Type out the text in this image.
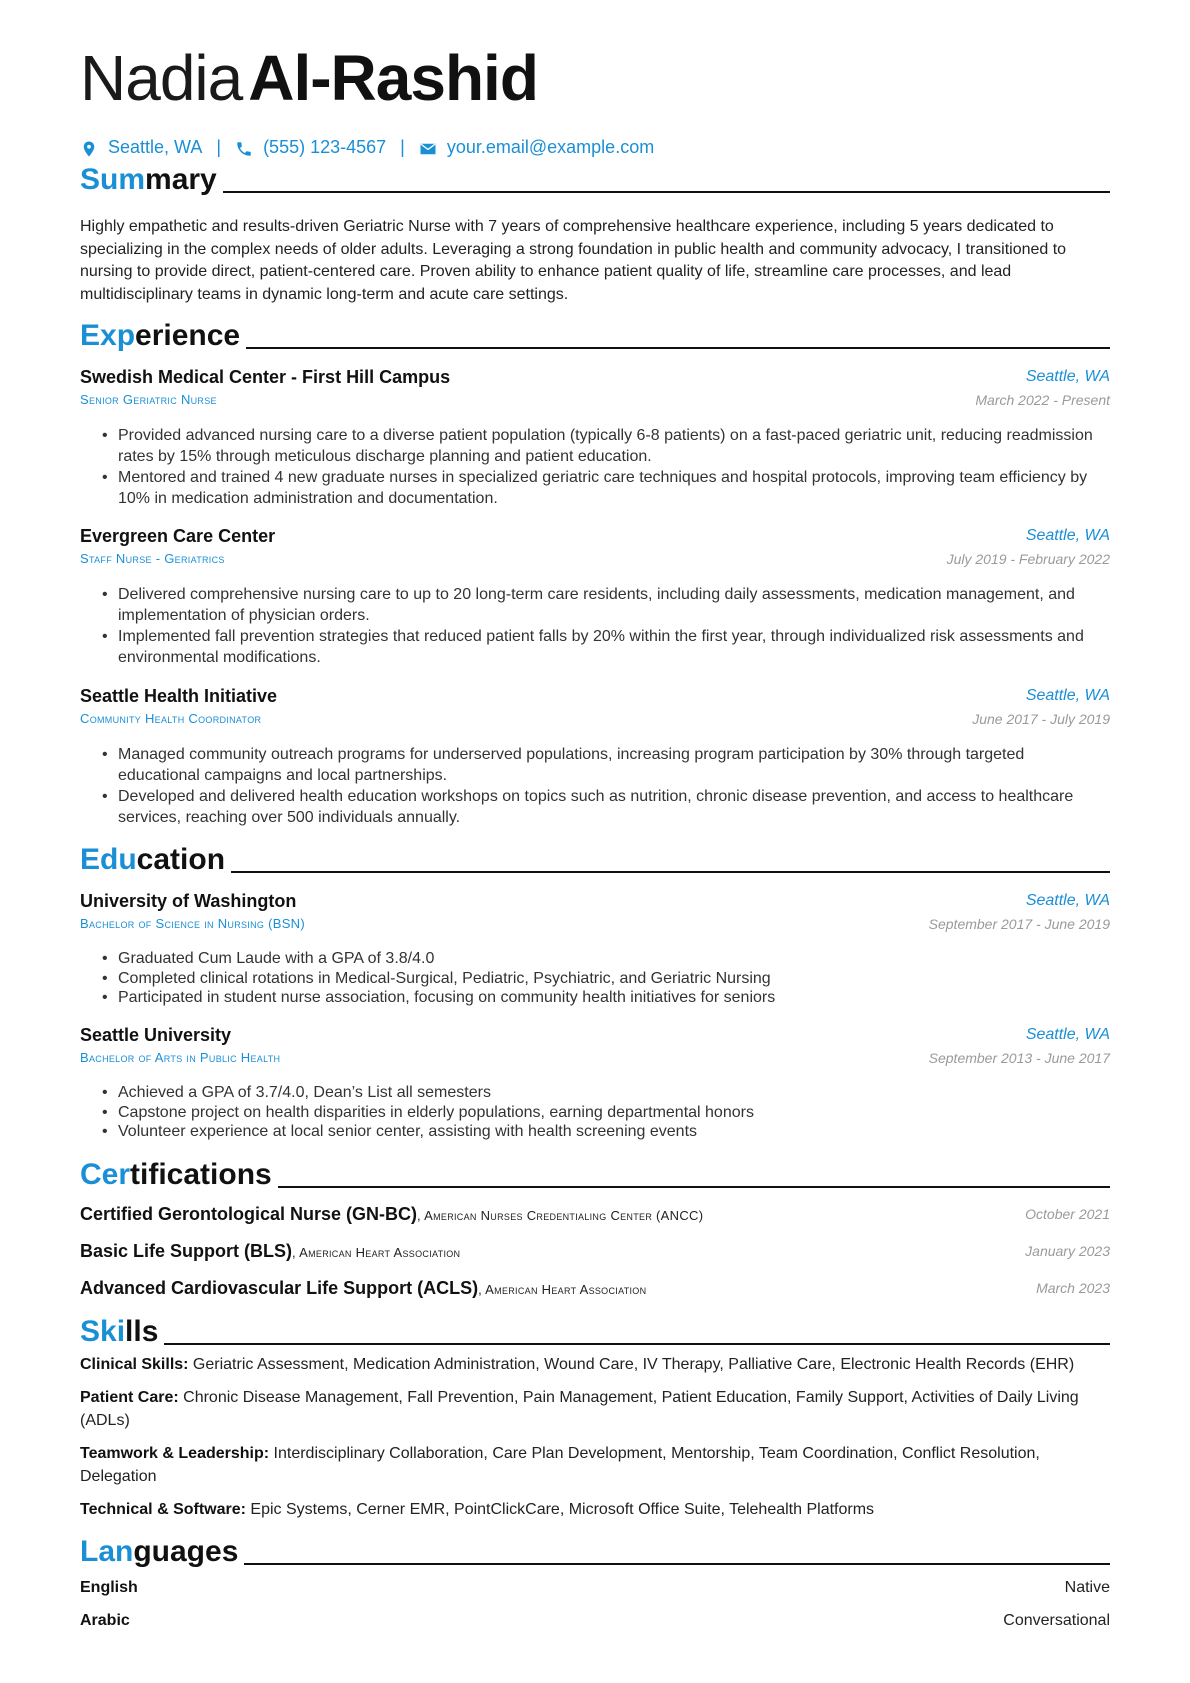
NadiaAl-Rashid
Seattle, WA | (555) 123-4567 | your.email@example.com
Summary
Highly empathetic and results-driven Geriatric Nurse with 7 years of comprehensive healthcare experience, including 5 years dedicated to specializing in the complex needs of older adults. Leveraging a strong foundation in public health and community advocacy, I transitioned to nursing to provide direct, patient-centered care. Proven ability to enhance patient quality of life, streamline care processes, and lead multidisciplinary teams in dynamic long-term and acute care settings.
Experience
Swedish Medical Center - First Hill Campus	Seattle, WA
Senior Geriatric Nurse	March 2022 - Present
• Provided advanced nursing care to a diverse patient population (typically 6-8 patients) on a fast-paced geriatric unit, reducing readmission rates by 15% through meticulous discharge planning and patient education.
• Mentored and trained 4 new graduate nurses in specialized geriatric care techniques and hospital protocols, improving team efficiency by 10% in medication administration and documentation.
Evergreen Care Center	Seattle, WA
Staff Nurse - Geriatrics	July 2019 - February 2022
• Delivered comprehensive nursing care to up to 20 long-term care residents, including daily assessments, medication management, and implementation of physician orders.
• Implemented fall prevention strategies that reduced patient falls by 20% within the first year, through individualized risk assessments and environmental modifications.
Seattle Health Initiative	Seattle, WA
Community Health Coordinator	June 2017 - July 2019
• Managed community outreach programs for underserved populations, increasing program participation by 30% through targeted educational campaigns and local partnerships.
• Developed and delivered health education workshops on topics such as nutrition, chronic disease prevention, and access to healthcare services, reaching over 500 individuals annually.
Education
University of Washington	Seattle, WA
Bachelor of Science in Nursing (BSN)	September 2017 - June 2019
• Graduated Cum Laude with a GPA of 3.8/4.0
• Completed clinical rotations in Medical-Surgical, Pediatric, Psychiatric, and Geriatric Nursing
• Participated in student nurse association, focusing on community health initiatives for seniors
Seattle University	Seattle, WA
Bachelor of Arts in Public Health	September 2013 - June 2017
• Achieved a GPA of 3.7/4.0, Dean’s List all semesters
• Capstone project on health disparities in elderly populations, earning departmental honors
• Volunteer experience at local senior center, assisting with health screening events
Certifications
Certified Gerontological Nurse (GN-BC), American Nurses Credentialing Center (ANCC)	October 2021
Basic Life Support (BLS), American Heart Association	January 2023
Advanced Cardiovascular Life Support (ACLS), American Heart Association	March 2023
Skills
Clinical Skills: Geriatric Assessment, Medication Administration, Wound Care, IV Therapy, Palliative Care, Electronic Health Records (EHR)
Patient Care: Chronic Disease Management, Fall Prevention, Pain Management, Patient Education, Family Support, Activities of Daily Living (ADLs)
Teamwork & Leadership: Interdisciplinary Collaboration, Care Plan Development, Mentorship, Team Coordination, Conflict Resolution, Delegation
Technical & Software: Epic Systems, Cerner EMR, PointClickCare, Microsoft Office Suite, Telehealth Platforms
Languages
English	Native
Arabic	Conversational
